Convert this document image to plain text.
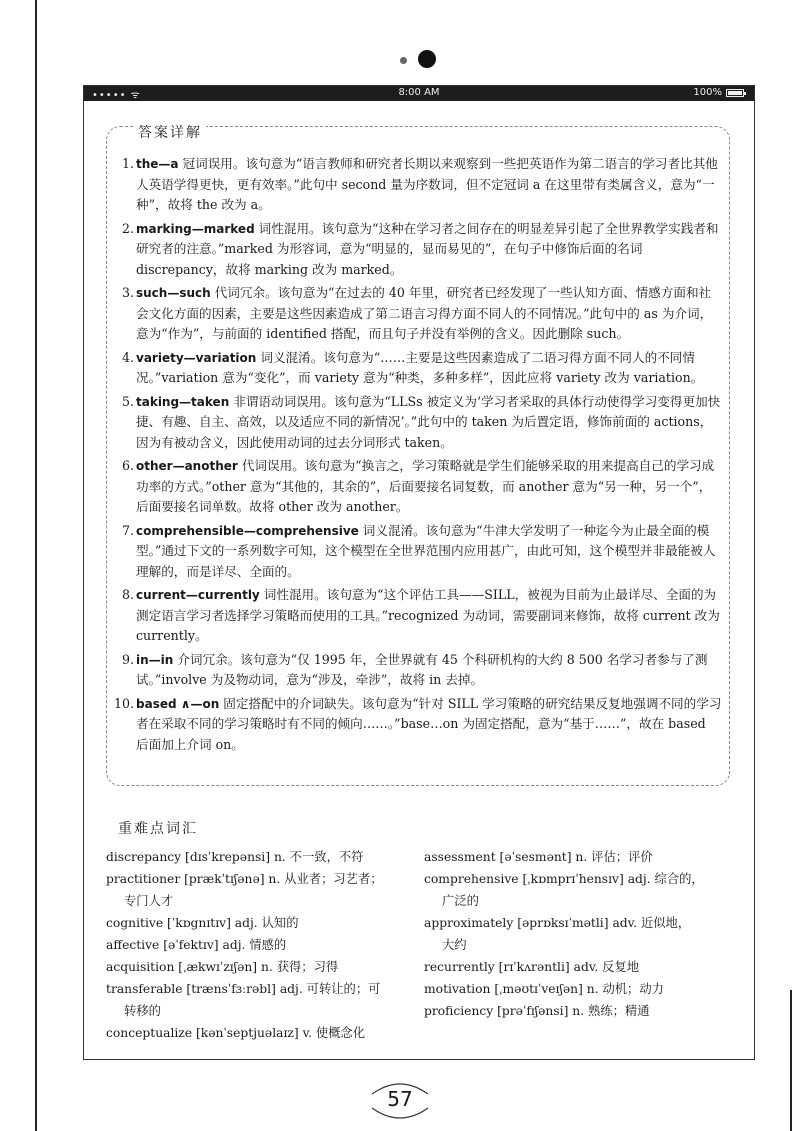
••••• ᯤ	8:00 AM	100%
答案详解
1. the—a 冠词误用。该句意为“语言教师和研究者长期以来观察到一些把英语作为第二语言的学习者比其他人英语学得更快，更有效率。”此句中 second 量为序数词，但不定冠词 a 在这里带有类属含义，意为“一种”，故将 the 改为 a。
2. marking—marked 词性混用。该句意为“这种在学习者之间存在的明显差异引起了全世界教学实践者和研究者的注意。”marked 为形容词，意为“明显的，显而易见的”，在句子中修饰后面的名词 discrepancy，故将 marking 改为 marked。
3. such—such 代词冗余。该句意为“在过去的 40 年里，研究者已经发现了一些认知方面、情感方面和社会文化方面的因素，主要是这些因素造成了第二语言习得方面不同人的不同情况。”此句中的 as 为介词，意为“作为”，与前面的 identified 搭配，而且句子并没有举例的含义。因此删除 such。
4. variety—variation 词义混淆。该句意为“……主要是这些因素造成了二语习得方面不同人的不同情况。”variation 意为“变化”，而 variety 意为“种类，多种多样”，因此应将 variety 改为 variation。
5. taking—taken 非谓语动词误用。该句意为“LLSs 被定义为‘学习者采取的具体行动使得学习变得更加快捷、有趣、自主、高效，以及适应不同的新情况’。”此句中的 taken 为后置定语，修饰前面的 actions，因为有被动含义，因此使用动词的过去分词形式 taken。
6. other—another 代词误用。该句意为“换言之，学习策略就是学生们能够采取的用来提高自己的学习成功率的方式。”other 意为“其他的，其余的”，后面要接名词复数，而 another 意为“另一种，另一个”，后面要接名词单数。故将 other 改为 another。
7. comprehensible—comprehensive 词义混淆。该句意为“牛津大学发明了一种迄今为止最全面的模型。”通过下文的一系列数字可知，这个模型在全世界范围内应用甚广，由此可知，这个模型并非最能被人理解的，而是详尽、全面的。
8. current—currently 词性混用。该句意为“这个评估工具——SILL，被视为目前为止最详尽、全面的为测定语言学习者选择学习策略而使用的工具。”recognized 为动词，需要副词来修饰，故将 current 改为 currently。
9. in—in 介词冗余。该句意为“仅 1995 年，全世界就有 45 个科研机构的大约 8 500 名学习者参与了测试。”involve 为及物动词，意为“涉及，牵涉”，故将 in 去掉。
10. based ∧—on 固定搭配中的介词缺失。该句意为“针对 SILL 学习策略的研究结果反复地强调不同的学习者在采取不同的学习策略时有不同的倾向……。”base…on 为固定搭配，意为“基于……”，故在 based 后面加上介词 on。
重难点词汇
discrepancy [dɪsˈkrepənsi] n. 不一致，不符
practitioner [prækˈtɪʃənə] n. 从业者；习艺者；
专门人才
cognitive [ˈkɒgnɪtɪv] adj. 认知的
affective [əˈfektɪv] adj. 情感的
acquisition [ˌækwɪˈzɪʃən] n. 获得；习得
transferable [trænsˈfɜːrəbl] adj. 可转让的；可
转移的
conceptualize [kənˈseptjuəlaɪz] v. 使概念化
assessment [əˈsesmənt] n. 评估；评价
comprehensive [ˌkɒmprɪˈhensɪv] adj. 综合的，
广泛的
approximately [əprɒksɪˈmətli] adv. 近似地，
大约
recurrently [rɪˈkʌrəntli] adv. 反复地
motivation [ˌməʊtɪˈveɪʃən] n. 动机；动力
proficiency [prəˈfɪʃənsi] n. 熟练；精通
57
